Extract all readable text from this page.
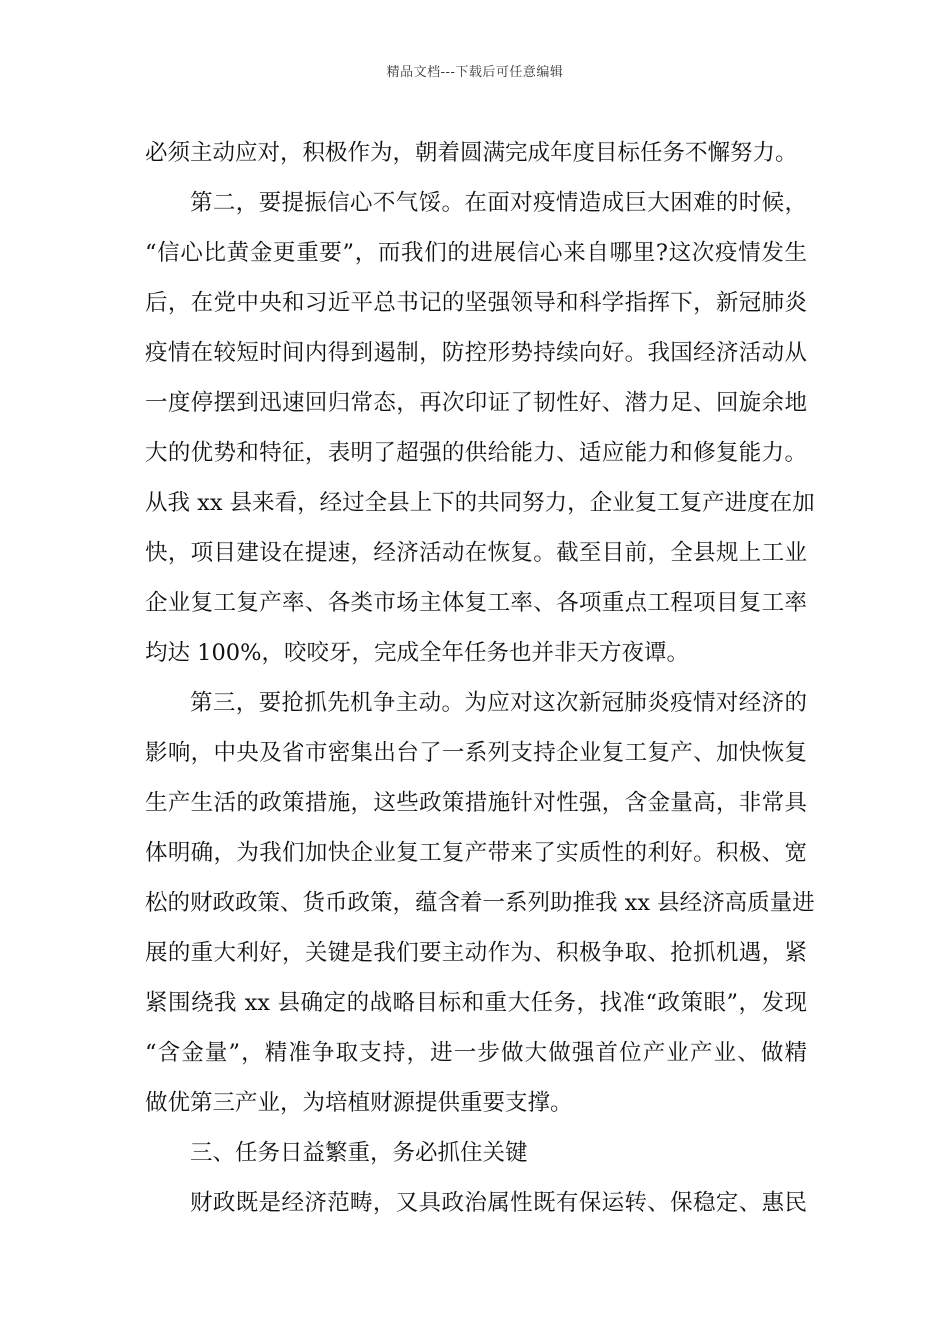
精品文档---下载后可任意编辑
必须主动应对，积极作为，朝着圆满完成年度目标任务不懈努力。
第二，要提振信心不气馁。在面对疫情造成巨大困难的时候，
“信心比黄金更重要”，而我们的进展信心来自哪里?这次疫情发生
后，在党中央和习近平总书记的坚强领导和科学指挥下，新冠肺炎
疫情在较短时间内得到遏制，防控形势持续向好。我国经济活动从
一度停摆到迅速回归常态，再次印证了韧性好、潜力足、回旋余地
大的优势和特征，表明了超强的供给能力、适应能力和修复能力。
从我 xx 县来看，经过全县上下的共同努力，企业复工复产进度在加
快，项目建设在提速，经济活动在恢复。截至目前，全县规上工业
企业复工复产率、各类市场主体复工率、各项重点工程项目复工率
均达 100%，咬咬牙，完成全年任务也并非天方夜谭。
第三，要抢抓先机争主动。为应对这次新冠肺炎疫情对经济的
影响，中央及省市密集出台了一系列支持企业复工复产、加快恢复
生产生活的政策措施，这些政策措施针对性强，含金量高，非常具
体明确，为我们加快企业复工复产带来了实质性的利好。积极、宽
松的财政政策、货币政策，蕴含着一系列助推我 xx 县经济高质量进
展的重大利好，关键是我们要主动作为、积极争取、抢抓机遇，紧
紧围绕我 xx 县确定的战略目标和重大任务，找准“政策眼”，发现
“含金量”，精准争取支持，进一步做大做强首位产业产业、做精
做优第三产业，为培植财源提供重要支撑。
三、任务日益繁重，务必抓住关键
财政既是经济范畴，又具政治属性既有保运转、保稳定、惠民
